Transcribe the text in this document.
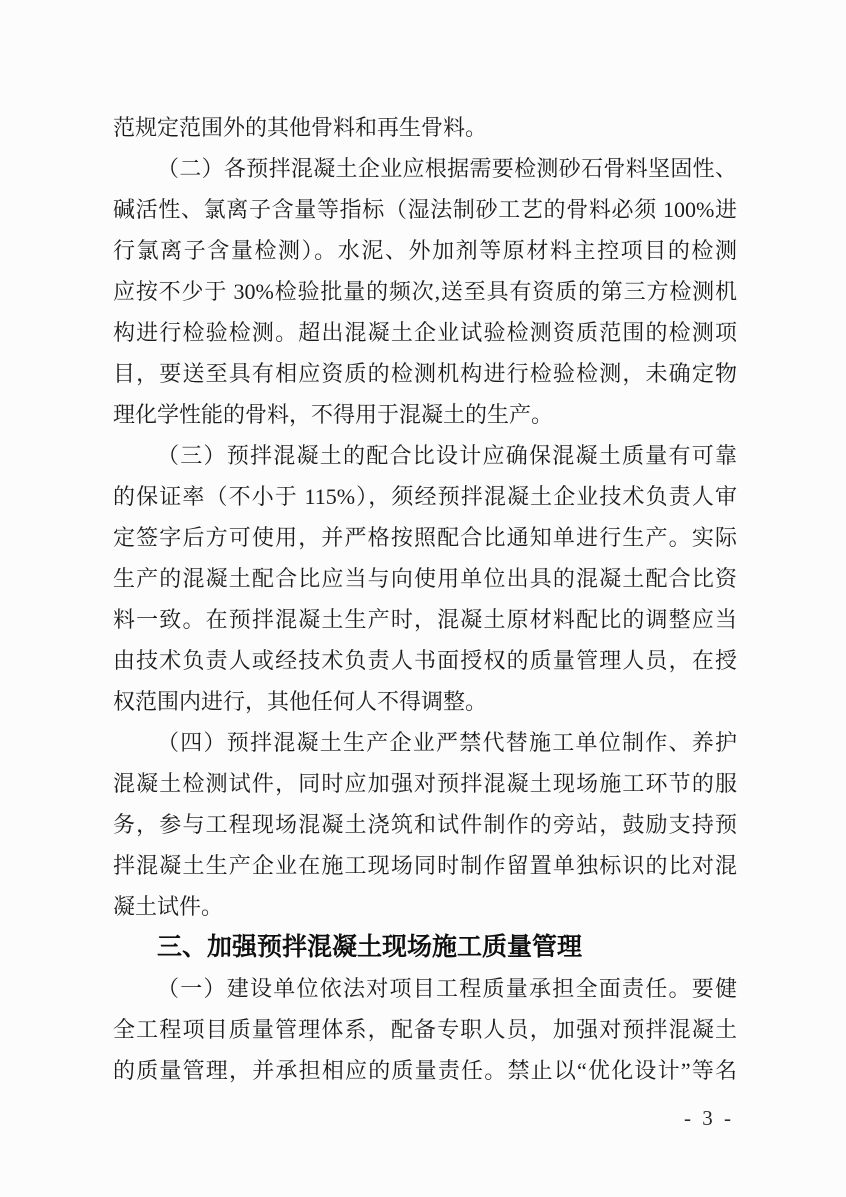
范规定范围外的其他骨料和再生骨料。
（二）各预拌混凝土企业应根据需要检测砂石骨料坚固性、
碱活性、氯离子含量等指标（湿法制砂工艺的骨料必须 100%进
行氯离子含量检测）。水泥、外加剂等原材料主控项目的检测
应按不少于 30%检验批量的频次,送至具有资质的第三方检测机
构进行检验检测。超出混凝土企业试验检测资质范围的检测项
目，要送至具有相应资质的检测机构进行检验检测，未确定物
理化学性能的骨料，不得用于混凝土的生产。
（三）预拌混凝土的配合比设计应确保混凝土质量有可靠
的保证率（不小于 115%），须经预拌混凝土企业技术负责人审
定签字后方可使用，并严格按照配合比通知单进行生产。实际
生产的混凝土配合比应当与向使用单位出具的混凝土配合比资
料一致。在预拌混凝土生产时，混凝土原材料配比的调整应当
由技术负责人或经技术负责人书面授权的质量管理人员，在授
权范围内进行，其他任何人不得调整。
（四）预拌混凝土生产企业严禁代替施工单位制作、养护
混凝土检测试件，同时应加强对预拌混凝土现场施工环节的服
务，参与工程现场混凝土浇筑和试件制作的旁站，鼓励支持预
拌混凝土生产企业在施工现场同时制作留置单独标识的比对混
凝土试件。
三、加强预拌混凝土现场施工质量管理
（一）建设单位依法对项目工程质量承担全面责任。要健
全工程项目质量管理体系，配备专职人员，加强对预拌混凝土
的质量管理，并承担相应的质量责任。禁止以“优化设计”等名
- 3 -
